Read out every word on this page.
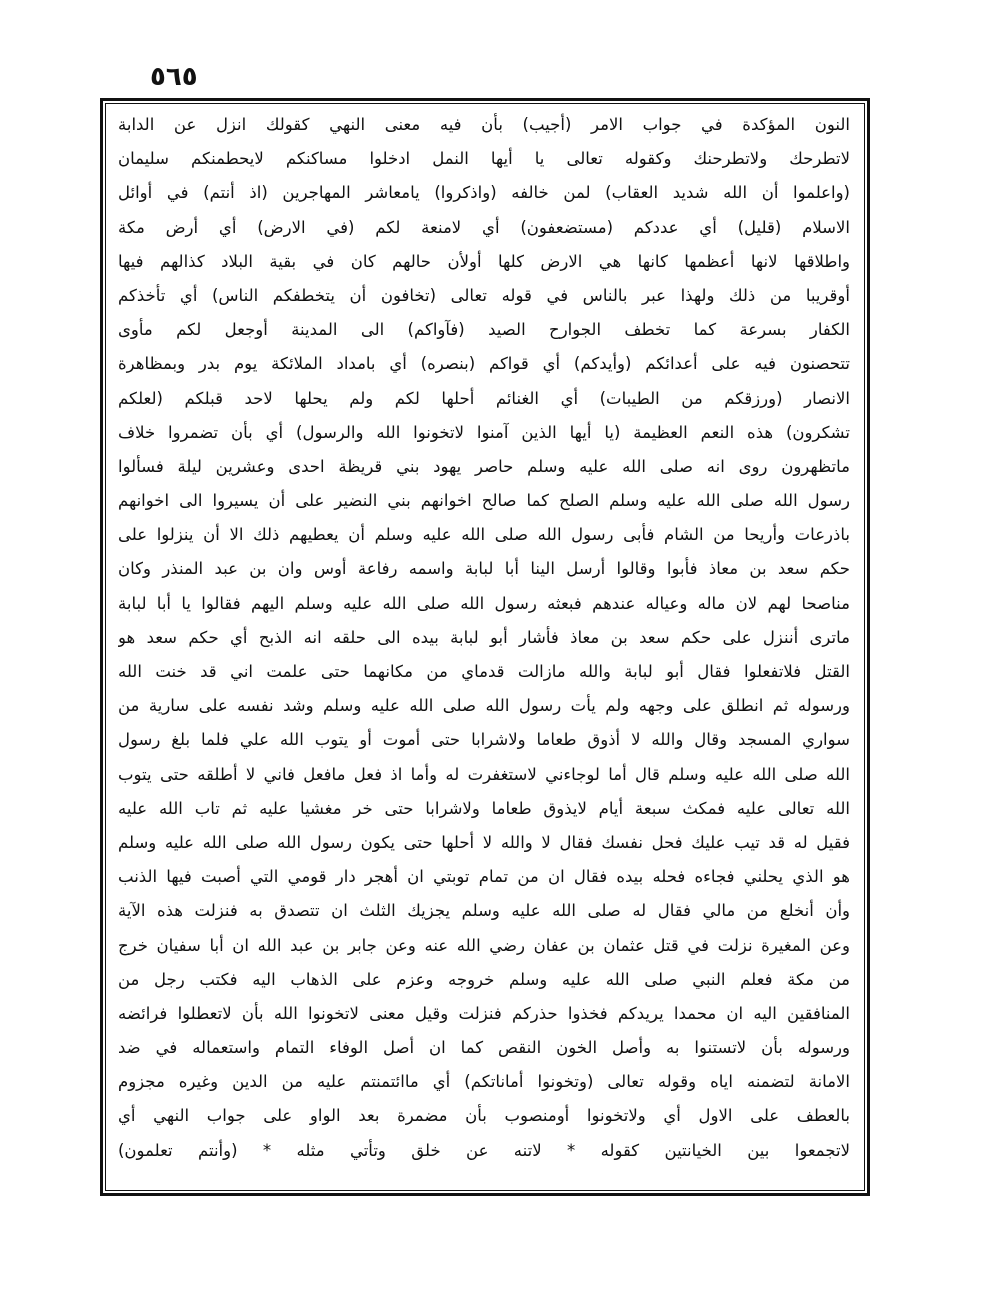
٥٦٥
النون المؤكدة في جواب الامر (أجيب) بأن فيه معنى النهي كقولك انزل عن الدابة
لاتطرحك ولاتطرحنك وكقوله تعالى يا أيها النمل ادخلوا مساكنكم لايحطمنكم سليمان
(واعلموا أن الله شديد العقاب) لمن خالفه (واذكروا) يامعاشر المهاجرين (اذ أنتم) في أوائل
الاسلام (قليل) أي عددكم (مستضعفون) أي لامنعة لكم (في الارض) أي أرض مكة
واطلاقها لانها أعظمها كانها هي الارض كلها أولأن حالهم كان في بقية البلاد كذالهم فيها
أوقريبا من ذلك ولهذا عبر بالناس في قوله تعالى (تخافون أن يتخطفكم الناس) أي تأخذكم
الكفار بسرعة كما تخطف الجوارح الصيد (فآواكم) الى المدينة أوجعل لكم مأوى
تتحصنون فيه على أعدائكم (وأيدكم) أي قواكم (بنصره) أي بامداد الملائكة يوم بدر وبمظاهرة
الانصار (ورزقكم من الطيبات) أي الغنائم أحلها لكم ولم يحلها لاحد قبلكم (لعلكم
تشكرون) هذه النعم العظيمة (يا أيها الذين آمنوا لاتخونوا الله والرسول) أي بأن تضمروا خلاف
ماتظهرون روى انه صلى الله عليه وسلم حاصر يهود بني قريظة احدى وعشرين ليلة فسألوا
رسول الله صلى الله عليه وسلم الصلح كما صالح اخوانهم بني النضير على أن يسيروا الى اخوانهم
باذرعات وأريحا من الشام فأبى رسول الله صلى الله عليه وسلم أن يعطيهم ذلك الا أن ينزلوا على
حكم سعد بن معاذ فأبوا وقالوا أرسل الينا أبا لبابة واسمه رفاعة أوس وان بن عبد المنذر وكان
مناصحا لهم لان ماله وعياله عندهم فبعثه رسول الله صلى الله عليه وسلم اليهم فقالوا يا أبا لبابة
ماترى أننزل على حكم سعد بن معاذ فأشار أبو لبابة بيده الى حلقه انه الذبح أي حكم سعد هو
القتل فلاتفعلوا فقال أبو لبابة والله مازالت قدماي من مكانهما حتى علمت اني قد خنت الله
ورسوله ثم انطلق على وجهه ولم يأت رسول الله صلى الله عليه وسلم وشد نفسه على سارية من
سواري المسجد وقال والله لا أذوق طعاما ولاشرابا حتى أموت أو يتوب الله علي فلما بلغ رسول
الله صلى الله عليه وسلم قال أما لوجاءني لاستغفرت له وأما اذ فعل مافعل فاني لا أطلقه حتى يتوب
الله تعالى عليه فمكث سبعة أيام لايذوق طعاما ولاشرابا حتى خر مغشيا عليه ثم تاب الله عليه
فقيل له قد تيب عليك فحل نفسك فقال لا والله لا أحلها حتى يكون رسول الله صلى الله عليه وسلم
هو الذي يحلني فجاءه فحله بيده فقال ان من تمام توبتي ان أهجر دار قومي التي أصبت فيها الذنب
وأن أنخلع من مالي فقال له صلى الله عليه وسلم يجزيك الثلث ان تتصدق به فنزلت هذه الآية
وعن المغيرة نزلت في قتل عثمان بن عفان رضي الله عنه وعن جابر بن عبد الله ان أبا سفيان خرج
من مكة فعلم النبي صلى الله عليه وسلم خروجه وعزم على الذهاب اليه فكتب رجل من
المنافقين اليه ان محمدا يريدكم فخذوا حذركم فنزلت وقيل معنى لاتخونوا الله بأن لاتعطلوا فرائضه
ورسوله بأن لاتستنوا به وأصل الخون النقص كما ان أصل الوفاء التمام واستعماله في ضد
الامانة لتضمنه اياه وقوله تعالى (وتخونوا أماناتكم) أي ماائتمنتم عليه من الدين وغيره مجزوم
بالعطف على الاول أي ولاتخونوا أومنصوب بأن مضمرة بعد الواو على جواب النهي أي
لاتجمعوا بين الخيانتين كقوله * لاتنه عن خلق وتأتي مثله * (وأنتم تعلمون)
